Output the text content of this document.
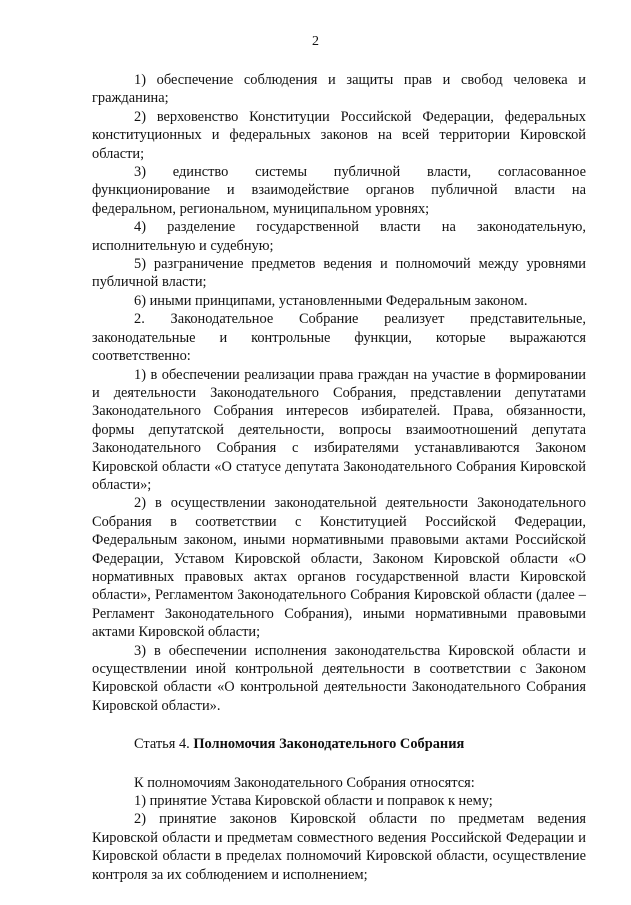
2

1) обеспечение соблюдения и защиты прав и свобод человека и гражданина;

2) верховенство Конституции Российской Федерации, федеральных конституционных и федеральных законов на всей территории Кировской области;

3) единство системы публичной власти, согласованное функционирование и взаимодействие органов публичной власти на федеральном, региональном, муниципальном уровнях;

4) разделение государственной власти на законодательную, исполнительную и судебную;

5) разграничение предметов ведения и полномочий между уровнями публичной власти;

6) иными принципами, установленными Федеральным законом.

2. Законодательное Собрание реализует представительные, законодательные и контрольные функции, которые выражаются соответственно:

1) в обеспечении реализации права граждан на участие в формировании и деятельности Законодательного Собрания, представлении депутатами Законодательного Собрания интересов избирателей. Права, обязанности, формы депутатской деятельности, вопросы взаимоотношений депутата Законодательного Собрания с избирателями устанавливаются Законом Кировской области «О статусе депутата Законодательного Собрания Кировской области»;

2) в осуществлении законодательной деятельности Законодательного Собрания в соответствии с Конституцией Российской Федерации, Федеральным законом, иными нормативными правовыми актами Российской Федерации, Уставом Кировской области, Законом Кировской области «О нормативных правовых актах органов государственной власти Кировской области», Регламентом Законодательного Собрания Кировской области (далее – Регламент Законодательного Собрания), иными нормативными правовыми актами Кировской области;

3) в обеспечении исполнения законодательства Кировской области и осуществлении иной контрольной деятельности в соответствии с Законом Кировской области «О контрольной деятельности Законодательного Собрания Кировской области».

Статья 4. Полномочия Законодательного Собрания

К полномочиям Законодательного Собрания относятся:

1) принятие Устава Кировской области и поправок к нему;

2) принятие законов Кировской области по предметам ведения Кировской области и предметам совместного ведения Российской Федерации и Кировской области в пределах полномочий Кировской области, осуществление контроля за их соблюдением и исполнением;
